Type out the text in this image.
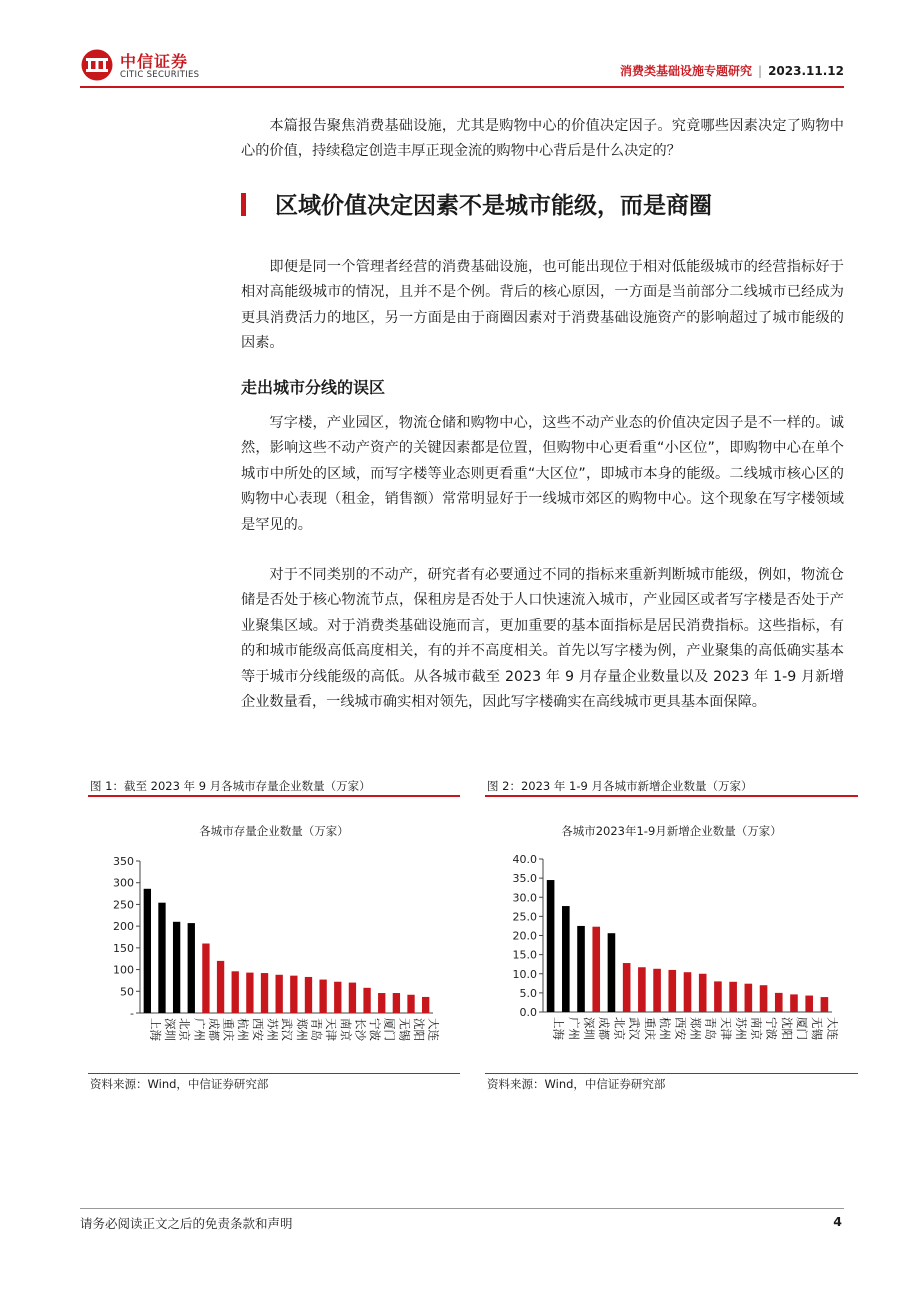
中信证券
CITIC SECURITIES	消费类基础设施专题研究 | 2023.11.12

本篇报告聚焦消费基础设施，尤其是购物中心的价值决定因子。究竟哪些因素决定了购物中心的价值，持续稳定创造丰厚正现金流的购物中心背后是什么决定的？

区域价值决定因素不是城市能级，而是商圈

即便是同一个管理者经营的消费基础设施，也可能出现位于相对低能级城市的经营指标好于相对高能级城市的情况，且并不是个例。背后的核心原因，一方面是当前部分二线城市已经成为更具消费活力的地区，另一方面是由于商圈因素对于消费基础设施资产的影响超过了城市能级的因素。

走出城市分线的误区

写字楼，产业园区，物流仓储和购物中心，这些不动产业态的价值决定因子是不一样的。诚然，影响这些不动产资产的关键因素都是位置，但购物中心更看重“小区位”，即购物中心在单个城市中所处的区域，而写字楼等业态则更看重“大区位”，即城市本身的能级。二线城市核心区的购物中心表现（租金，销售额）常常明显好于一线城市郊区的购物中心。这个现象在写字楼领域是罕见的。

对于不同类别的不动产，研究者有必要通过不同的指标来重新判断城市能级，例如，物流仓储是否处于核心物流节点，保租房是否处于人口快速流入城市，产业园区或者写字楼是否处于产业聚集区域。对于消费类基础设施而言，更加重要的基本面指标是居民消费指标。这些指标，有的和城市能级高低高度相关，有的并不高度相关。首先以写字楼为例，产业聚集的高低确实基本等于城市分线能级的高低。从各城市截至 2023 年 9 月存量企业数量以及 2023 年 1-9 月新增企业数量看，一线城市确实相对领先，因此写字楼确实在高线城市更具基本面保障。

图 1：截至 2023 年 9 月各城市存量企业数量（万家）
各城市存量企业数量（万家）
-
50
100
150
200
250
300
350
上海 深圳 北京 广州 成都 重庆 杭州 西安 苏州 武汉 郑州 青岛 天津 南京 长沙 宁波 厦门 无锡 沈阳 大连
资料来源：Wind，中信证券研究部
图 2：2023 年 1-9 月各城市新增企业数量（万家）
各城市2023年1-9月新增企业数量（万家）
0.0
5.0
10.0
15.0
20.0
25.0
30.0
35.0
40.0
上海 广州 深圳 成都 北京 武汉 重庆 杭州 西安 郑州 青岛 天津 苏州 南京 宁波 沈阳 厦门 无锡 大连
资料来源：Wind，中信证券研究部
请务必阅读正文之后的免责条款和声明	4
